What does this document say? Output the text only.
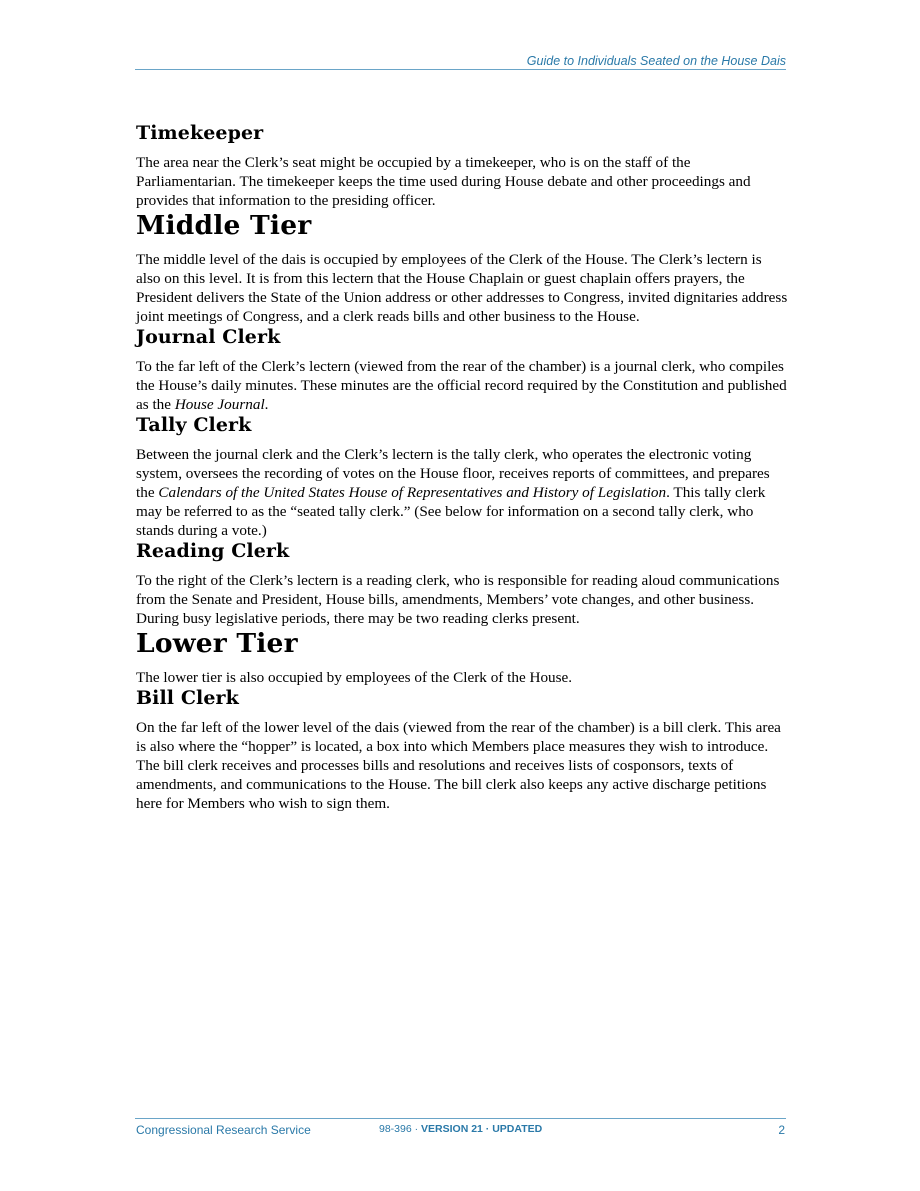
Guide to Individuals Seated on the House Dais
Timekeeper

The area near the Clerk’s seat might be occupied by a timekeeper, who is on the staff of the Parliamentarian. The timekeeper keeps the time used during House debate and other proceedings and provides that information to the presiding officer.

Middle Tier

The middle level of the dais is occupied by employees of the Clerk of the House. The Clerk’s lectern is also on this level. It is from this lectern that the House Chaplain or guest chaplain offers prayers, the President delivers the State of the Union address or other addresses to Congress, invited dignitaries address joint meetings of Congress, and a clerk reads bills and other business to the House.

Journal Clerk

To the far left of the Clerk’s lectern (viewed from the rear of the chamber) is a journal clerk, who compiles the House’s daily minutes. These minutes are the official record required by the Constitution and published as the House Journal.

Tally Clerk

Between the journal clerk and the Clerk’s lectern is the tally clerk, who operates the electronic voting system, oversees the recording of votes on the House floor, receives reports of committees, and prepares the Calendars of the United States House of Representatives and History of Legislation. This tally clerk may be referred to as the “seated tally clerk.” (See below for information on a second tally clerk, who stands during a vote.)

Reading Clerk

To the right of the Clerk’s lectern is a reading clerk, who is responsible for reading aloud communications from the Senate and President, House bills, amendments, Members’ vote changes, and other business. During busy legislative periods, there may be two reading clerks present.

Lower Tier

The lower tier is also occupied by employees of the Clerk of the House.

Bill Clerk

On the far left of the lower level of the dais (viewed from the rear of the chamber) is a bill clerk. This area is also where the “hopper” is located, a box into which Members place measures they wish to introduce. The bill clerk receives and processes bills and resolutions and receives lists of cosponsors, texts of amendments, and communications to the House. The bill clerk also keeps any active discharge petitions here for Members who wish to sign them.

Congressional Research Service	98-396 · VERSION 21 · UPDATED	2
